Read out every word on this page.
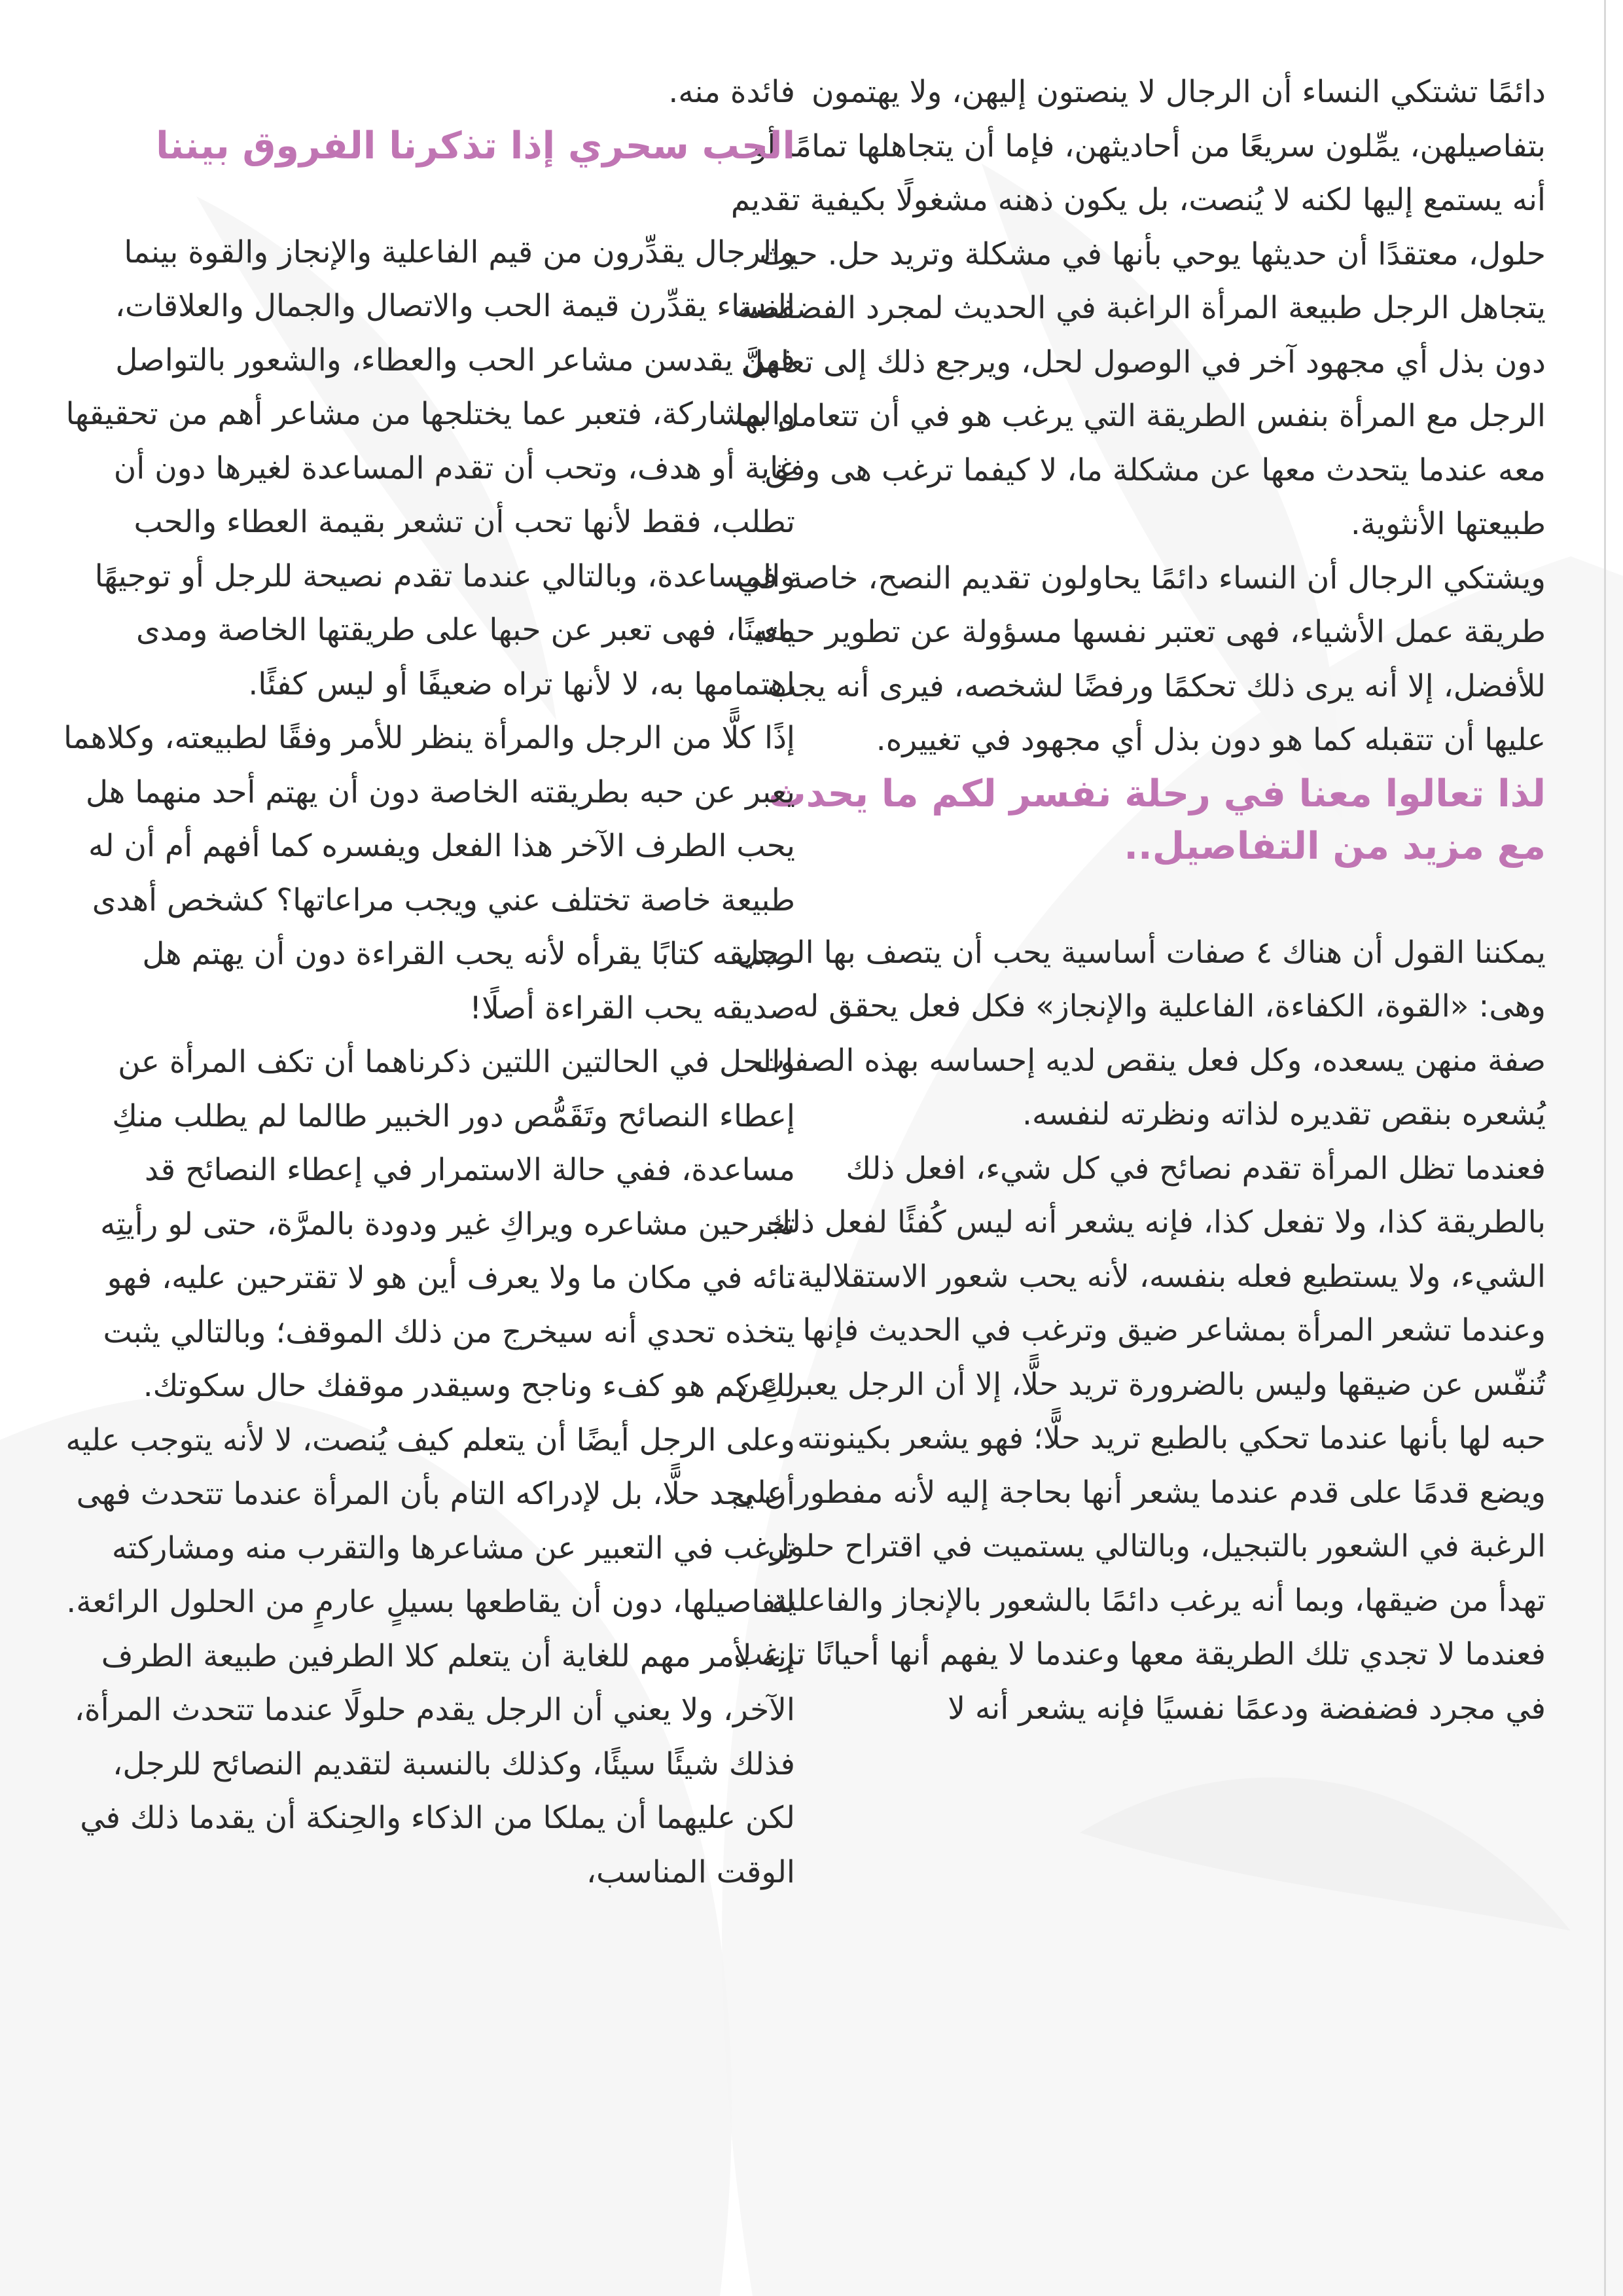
دائمًا تشتكي النساء أن الرجال لا ينصتون إليهن، ولا يهتمون بتفاصيلهن، يمِّلون سريعًا من أحاديثهن، فإما أن يتجاهلها تمامًا أو أنه يستمع إليها لكنه لا يُنصت، بل يكون ذهنه مشغولًا بكيفية تقديم حلول، معتقدًا أن حديثها يوحي بأنها في مشكلة وتريد حل. حيث يتجاهل الرجل طبيعة المرأة الراغبة في الحديث لمجرد الفضفضة دون بذل أي مجهود آخر في الوصول لحل، ويرجع ذلك إلى تعامل الرجل مع المرأة بنفس الطريقة التي يرغب هو في أن تتعامل بها معه عندما يتحدث معها عن مشكلة ما، لا كيفما ترغب هى وفق طبيعتها الأنثوية.

ويشتكي الرجال أن النساء دائمًا يحاولون تقديم النصح، خاصة في طريقة عمل الأشياء، فهى تعتبر نفسها مسؤولة عن تطوير حياته للأفضل، إلا أنه يرى ذلك تحكمًا ورفضًا لشخصه، فيرى أنه يجب عليها أن تتقبله كما هو دون بذل أي مجهود في تغييره.

لذا تعالوا معنا في رحلة نفسر لكم ما يحدث مع مزيد من التفاصيل..

يمكننا القول أن هناك ٤ صفات أساسية يحب أن يتصف بها الرجل وهى: «القوة، الكفاءة، الفاعلية والإنجاز» فكل فعل يحقق له صفة منهن يسعده، وكل فعل ينقص لديه إحساسه بهذه الصفات يُشعره بنقص تقديره لذاته ونظرته لنفسه.

فعندما تظل المرأة تقدم نصائح في كل شيء، افعل ذلك بالطريقة كذا، ولا تفعل كذا، فإنه يشعر أنه ليس كُفئًا لفعل ذلك الشيء، ولا يستطيع فعله بنفسه، لأنه يحب شعور الاستقلالية.

وعندما تشعر المرأة بمشاعر ضيق وترغب في الحديث فإنها تُنفّس عن ضيقها وليس بالضرورة تريد حلًّا، إلا أن الرجل يعبر عن حبه لها بأنها عندما تحكي بالطبع تريد حلًّا؛ فهو يشعر بكينونته ويضع قدمًا على قدم عندما يشعر أنها بحاجة إليه لأنه مفطور على الرغبة في الشعور بالتبجيل، وبالتالي يستميت في اقتراح حلول تهدأ من ضيقها، وبما أنه يرغب دائمًا بالشعور بالإنجاز والفاعلية فعندما لا تجدي تلك الطريقة معها وعندما لا يفهم أنها أحيانًا ترغب في مجرد فضفضة ودعمًا نفسيًا فإنه يشعر أنه لا

فائدة منه.

الحب سحري إذا تذكرنا الفروق بيننا

والرجال يقدِّرون من قيم الفاعلية والإنجاز والقوة بينما النساء يقدِّرن قيمة الحب والاتصال والجمال والعلاقات، فهنَّ يقدسن مشاعر الحب والعطاء، والشعور بالتواصل والمشاركة، فتعبر عما يختلجها من مشاعر أهم من تحقيقها غاية أو هدف، وتحب أن تقدم المساعدة لغيرها دون أن تطلب، فقط لأنها تحب أن تشعر بقيمة العطاء والحب والمساعدة، وبالتالي عندما تقدم نصيحة للرجل أو توجيهًا معينًا، فهى تعبر عن حبها على طريقتها الخاصة ومدى اهتمامها به، لا لأنها تراه ضعيفًا أو ليس كفئًا.

إذًا كلًّا من الرجل والمرأة ينظر للأمر وفقًا لطبيعته، وكلاهما يعبر عن حبه بطريقته الخاصة دون أن يهتم أحد منهما هل يحب الطرف الآخر هذا الفعل ويفسره كما أفهم أم أن له طبيعة خاصة تختلف عني ويجب مراعاتها؟ كشخص أهدى صديقه كتابًا يقرأه لأنه يحب القراءة دون أن يهتم هل صديقه يحب القراءة أصلًا!

والحل في الحالتين اللتين ذكرناهما أن تكف المرأة عن إعطاء النصائح وتَقَمُّص دور الخبير طالما لم يطلب منكِ مساعدة، ففي حالة الاستمرار في إعطاء النصائح قد تجرحين مشاعره ويراكِ غير ودودة بالمرَّة، حتى لو رأيتِه تائه في مكان ما ولا يعرف أين هو لا تقترحين عليه، فهو يتخذه تحدي أنه سيخرج من ذلك الموقف؛ وبالتالي يثبت لكِ كم هو كفء وناجح وسيقدر موقفك حال سكوتك.

وعلى الرجل أيضًا أن يتعلم كيف يُنصت، لا لأنه يتوجب عليه أن يجد حلًّا، بل لإدراكه التام بأن المرأة عندما تتحدث فهى ترغب في التعبير عن مشاعرها والتقرب منه ومشاركته لتفاصيلها، دون أن يقاطعها بسيلٍ عارمٍ من الحلول الرائعة.

إنه لأمر مهم للغاية أن يتعلم كلا الطرفين طبيعة الطرف الآخر، ولا يعني أن الرجل يقدم حلولًا عندما تتحدث المرأة، فذلك شيئًا سيئًا، وكذلك بالنسبة لتقديم النصائح للرجل، لكن عليهما أن يملكا من الذكاء والحِنكة أن يقدما ذلك في الوقت المناسب،
